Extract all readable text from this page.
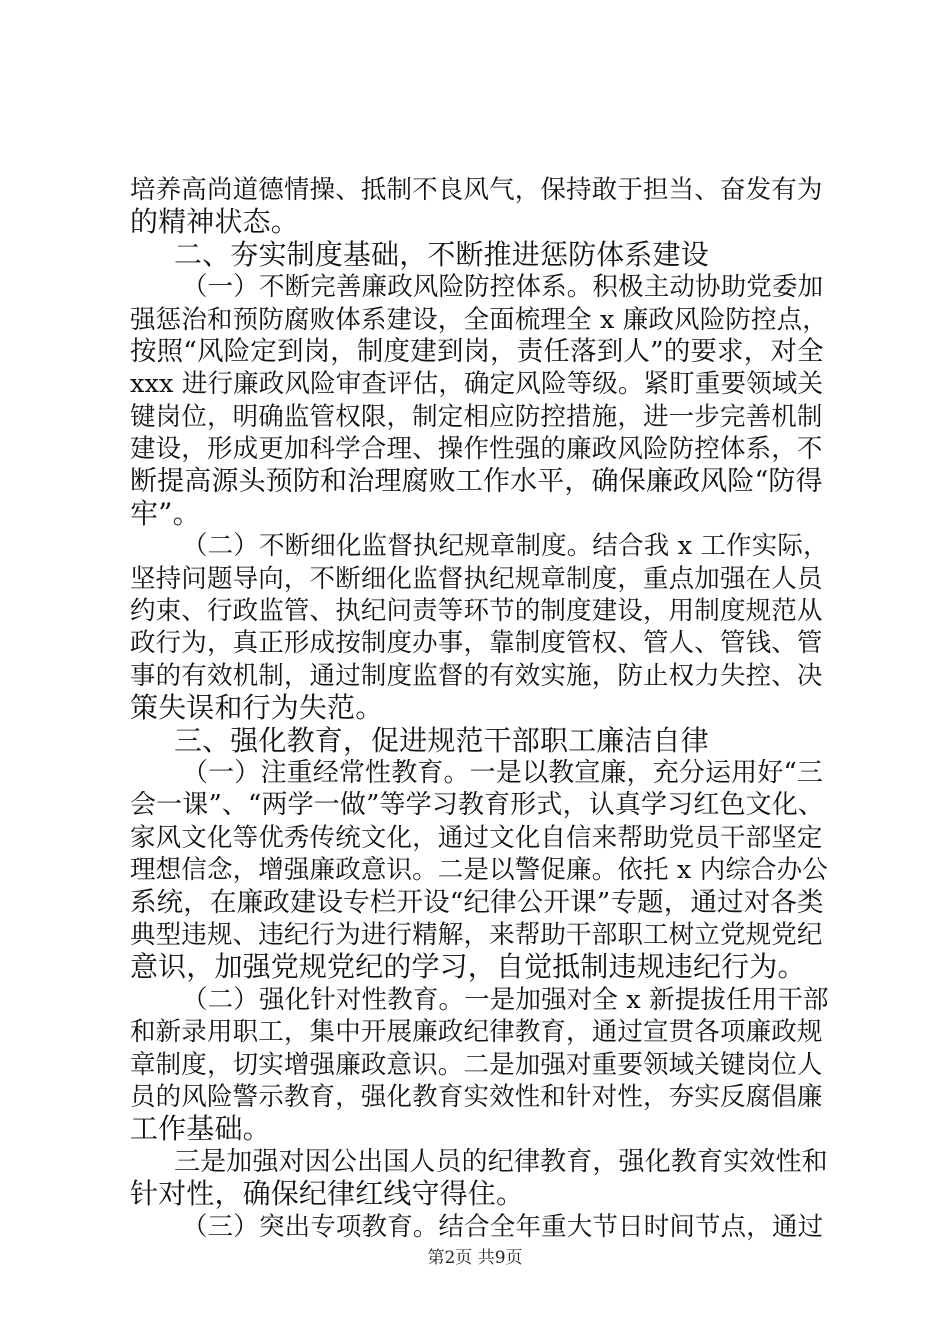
培养高尚道德情操、抵制不良风气，保持敢于担当、奋发有为

的精神状态。

二、夯实制度基础，不断推进惩防体系建设

（一）不断完善廉政风险防控体系。积极主动协助党委加

强惩治和预防腐败体系建设，全面梳理全 x 廉政风险防控点，

按照“风险定到岗，制度建到岗，责任落到人”的要求，对全

xxx 进行廉政风险审查评估，确定风险等级。紧盯重要领域关

键岗位，明确监管权限，制定相应防控措施，进一步完善机制

建设，形成更加科学合理、操作性强的廉政风险防控体系，不

断提高源头预防和治理腐败工作水平，确保廉政风险“防得

牢”。

（二）不断细化监督执纪规章制度。结合我 x 工作实际，

坚持问题导向，不断细化监督执纪规章制度，重点加强在人员

约束、行政监管、执纪问责等环节的制度建设，用制度规范从

政行为，真正形成按制度办事，靠制度管权、管人、管钱、管

事的有效机制，通过制度监督的有效实施，防止权力失控、决

策失误和行为失范。

三、强化教育，促进规范干部职工廉洁自律

（一）注重经常性教育。一是以教宣廉，充分运用好“三

会一课”、“两学一做”等学习教育形式，认真学习红色文化、

家风文化等优秀传统文化，通过文化自信来帮助党员干部坚定

理想信念，增强廉政意识。二是以警促廉。依托 x 内综合办公

系统，在廉政建设专栏开设“纪律公开课”专题，通过对各类

典型违规、违纪行为进行精解，来帮助干部职工树立党规党纪

意识，加强党规党纪的学习，自觉抵制违规违纪行为。

（二）强化针对性教育。一是加强对全 x 新提拔任用干部

和新录用职工，集中开展廉政纪律教育，通过宣贯各项廉政规

章制度，切实增强廉政意识。二是加强对重要领域关键岗位人

员的风险警示教育，强化教育实效性和针对性，夯实反腐倡廉

工作基础。

三是加强对因公出国人员的纪律教育，强化教育实效性和

针对性，确保纪律红线守得住。

（三）突出专项教育。结合全年重大节日时间节点，通过

第2页 共9页
